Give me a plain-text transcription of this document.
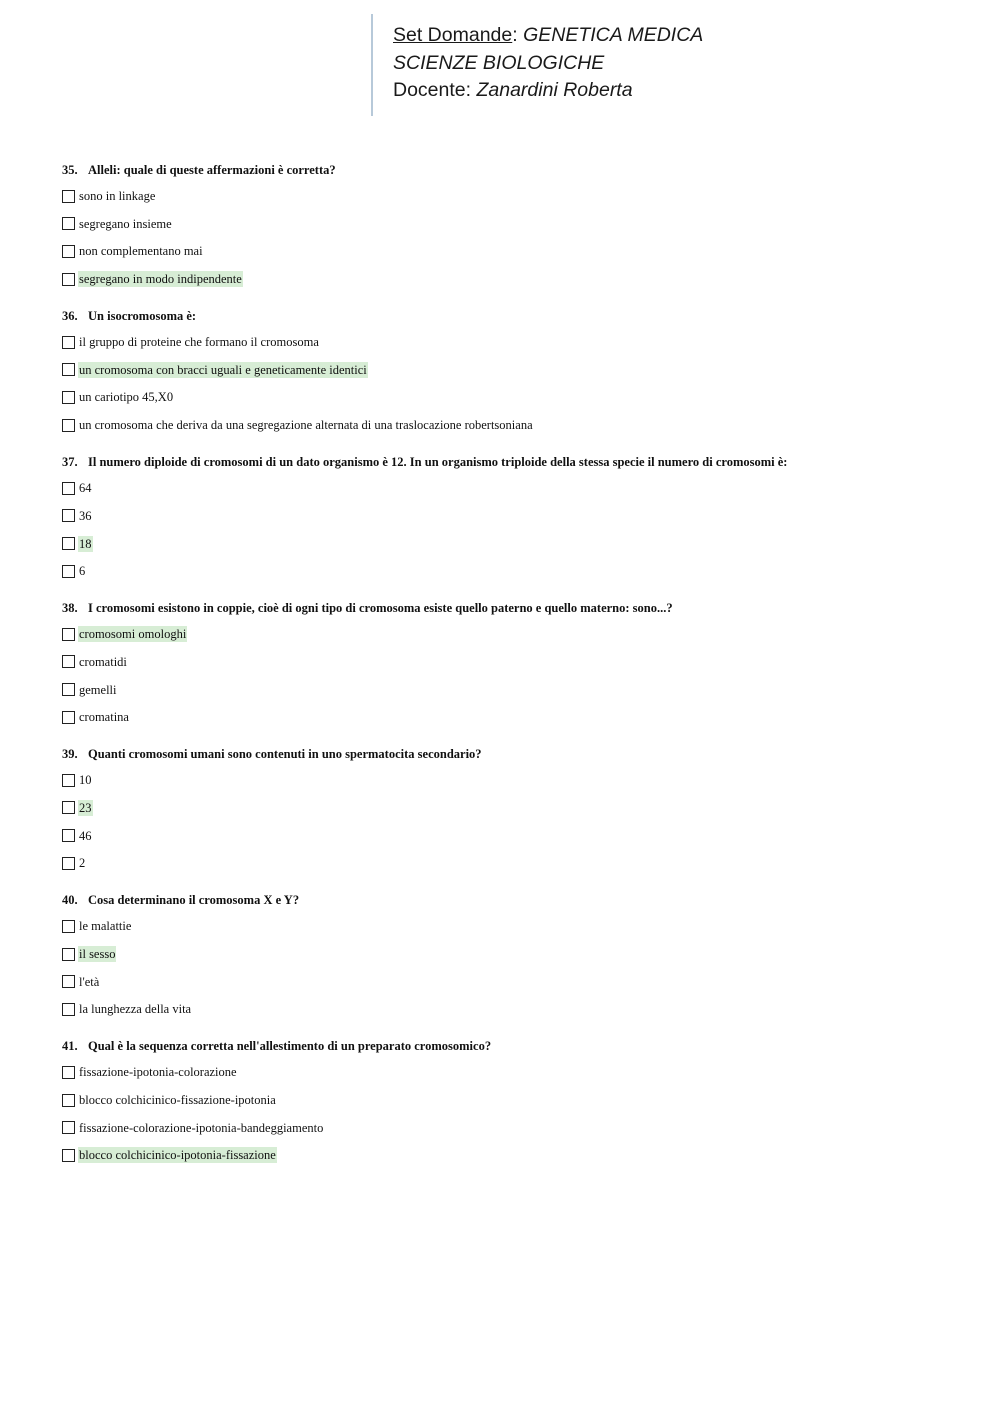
Set Domande: GENETICA MEDICA
SCIENZE BIOLOGICHE
Docente: Zanardini Roberta
35. Alleli: quale di queste affermazioni è corretta?
sono in linkage
segregano insieme
non complementano mai
segregano in modo indipendente
36. Un isocromosoma è:
il gruppo di proteine che formano il cromosoma
un cromosoma con bracci uguali e geneticamente identici
un cariotipo 45,X0
un cromosoma che deriva da una segregazione alternata di una traslocazione robertsoniana
37. Il numero diploide di cromosomi di un dato organismo è 12. In un organismo triploide della stessa specie il numero di cromosomi è:
64
36
18
6
38. I cromosomi esistono in coppie, cioè di ogni tipo di cromosoma esiste quello paterno e quello materno: sono...?
cromosomi omologhi
cromatidi
gemelli
cromatina
39. Quanti cromosomi umani sono contenuti in uno spermatocita secondario?
10
23
46
2
40. Cosa determinano il cromosoma X e Y?
le malattie
il sesso
l'età
la lunghezza della vita
41. Qual è la sequenza corretta nell'allestimento di un preparato cromosomico?
fissazione-ipotonia-colorazione
blocco colchicinico-fissazione-ipotonia
fissazione-colorazione-ipotonia-bandeggiamento
blocco colchicinico-ipotonia-fissazione
